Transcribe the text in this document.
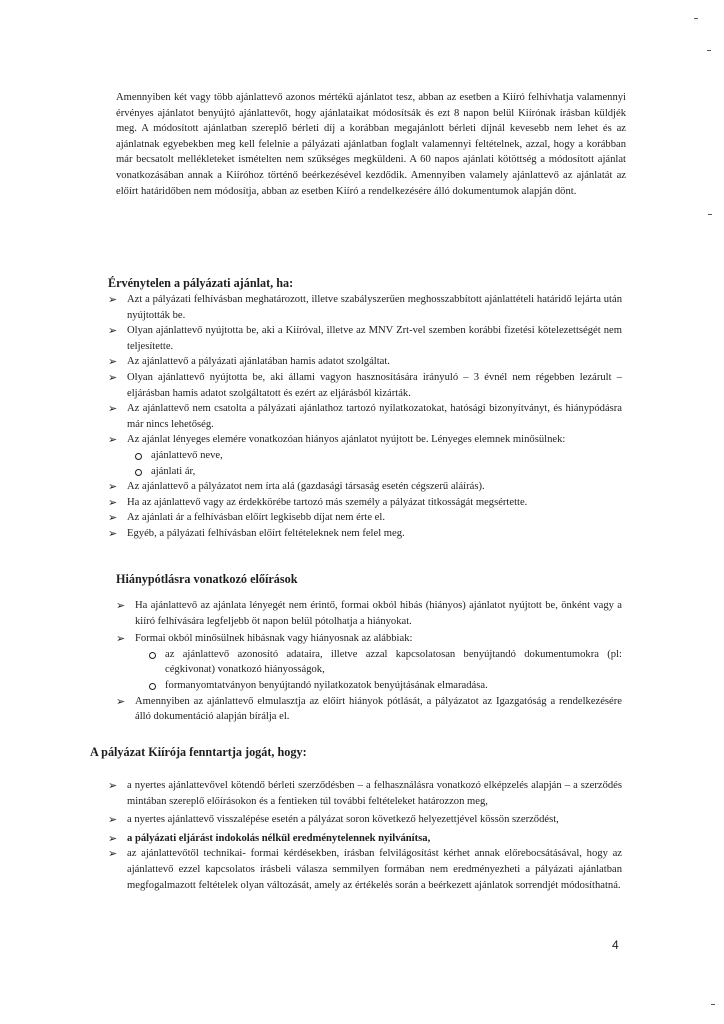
Amennyiben két vagy több ajánlattevő azonos mértékű ajánlatot tesz, abban az esetben a Kiíró felhívhatja valamennyi érvényes ajánlatot benyújtó ajánlattevőt, hogy ajánlataikat módosítsák és ezt 8 napon belül Kiírónak írásban küldjék meg. A módosított ajánlatban szereplő bérleti díj a korábban megajánlott bérleti díjnál kevesebb nem lehet és az ajánlatnak egyebekben meg kell felelnie a pályázati ajánlatban foglalt valamennyi feltételnek, azzal, hogy a korábban már becsatolt mellékleteket ismételten nem szükséges megküldeni. A 60 napos ajánlati kötöttség a módosított ajánlat vonatkozásában annak a Kiíróhoz történő beérkezésével kezdődik. Amennyiben valamely ajánlattevő az ajánlatát az előírt határidőben nem módosítja, abban az esetben Kiíró a rendelkezésére álló dokumentumok alapján dönt.

Érvénytelen a pályázati ajánlat, ha:

➢ Azt a pályázati felhívásban meghatározott, illetve szabályszerűen meghosszabbított ajánlattételi határidő lejárta után nyújtották be.
➢ Olyan ajánlattevő nyújtotta be, aki a Kiíróval, illetve az MNV Zrt-vel szemben korábbi fizetési kötelezettségét nem teljesítette.
➢ Az ajánlattevő a pályázati ajánlatában hamis adatot szolgáltat.
➢ Olyan ajánlattevő nyújtotta be, aki állami vagyon hasznosítására irányuló – 3 évnél nem régebben lezárult – eljárásban hamis adatot szolgáltatott és ezért az eljárásból kizárták.
➢ Az ajánlattevő nem csatolta a pályázati ajánlathoz tartozó nyilatkozatokat, hatósági bizonyítványt, és hiánypódásra már nincs lehetőség.
➢ Az ajánlat lényeges elemére vonatkozóan hiányos ajánlatot nyújtott be. Lényeges elemnek minősülnek:
ajánlattevő neve,
ajánlati ár,
➢ Az ajánlattevő a pályázatot nem írta alá (gazdasági társaság esetén cégszerű aláírás).
➢ Ha az ajánlattevő vagy az érdekkörébe tartozó más személy a pályázat titkosságát megsértette.
➢ Az ajánlati ár a felhívásban előírt legkisebb díjat nem érte el.
➢ Egyéb, a pályázati felhívásban előírt feltételeknek nem felel meg.

Hiánypótlásra vonatkozó előírások

➢ Ha ajánlattevő az ajánlata lényegét nem érintő, formai okból hibás (hiányos) ajánlatot nyújtott be, önként vagy a kiíró felhívására legfeljebb öt napon belül pótolhatja a hiányokat.
➢ Formai okból minősülnek hibásnak vagy hiányosnak az alábbiak:
az ajánlattevő azonosító adataira, illetve azzal kapcsolatosan benyújtandó dokumentumokra (pl: cégkivonat) vonatkozó hiányosságok,
formanyomtatványon benyújtandó nyilatkozatok benyújtásának elmaradása.
➢ Amennyiben az ajánlattevő elmulasztja az előírt hiányok pótlását, a pályázatot az Igazgatóság a rendelkezésére álló dokumentáció alapján bírálja el.

A pályázat Kiírója fenntartja jogát, hogy:

➢ a nyertes ajánlattevővel kötendő bérleti szerződésben – a felhasználásra vonatkozó elképzelés alapján – a szerződés mintában szereplő előírásokon és a fentieken túl további feltételeket határozzon meg,
➢ a nyertes ajánlattevő visszalépése esetén a pályázat soron következő helyezettjével kössön szerződést,
➢ a pályázati eljárást indokolás nélkül eredménytelennek nyilvánítsa,
➢ az ajánlattevőtől technikai- formai kérdésekben, írásban felvilágosítást kérhet annak előrebocsátásával, hogy az ajánlattevő ezzel kapcsolatos írásbeli válasza semmilyen formában nem eredményezheti a pályázati ajánlatban megfogalmazott feltételek olyan változását, amely az értékelés során a beérkezett ajánlatok sorrendjét módosíthatná.
4
